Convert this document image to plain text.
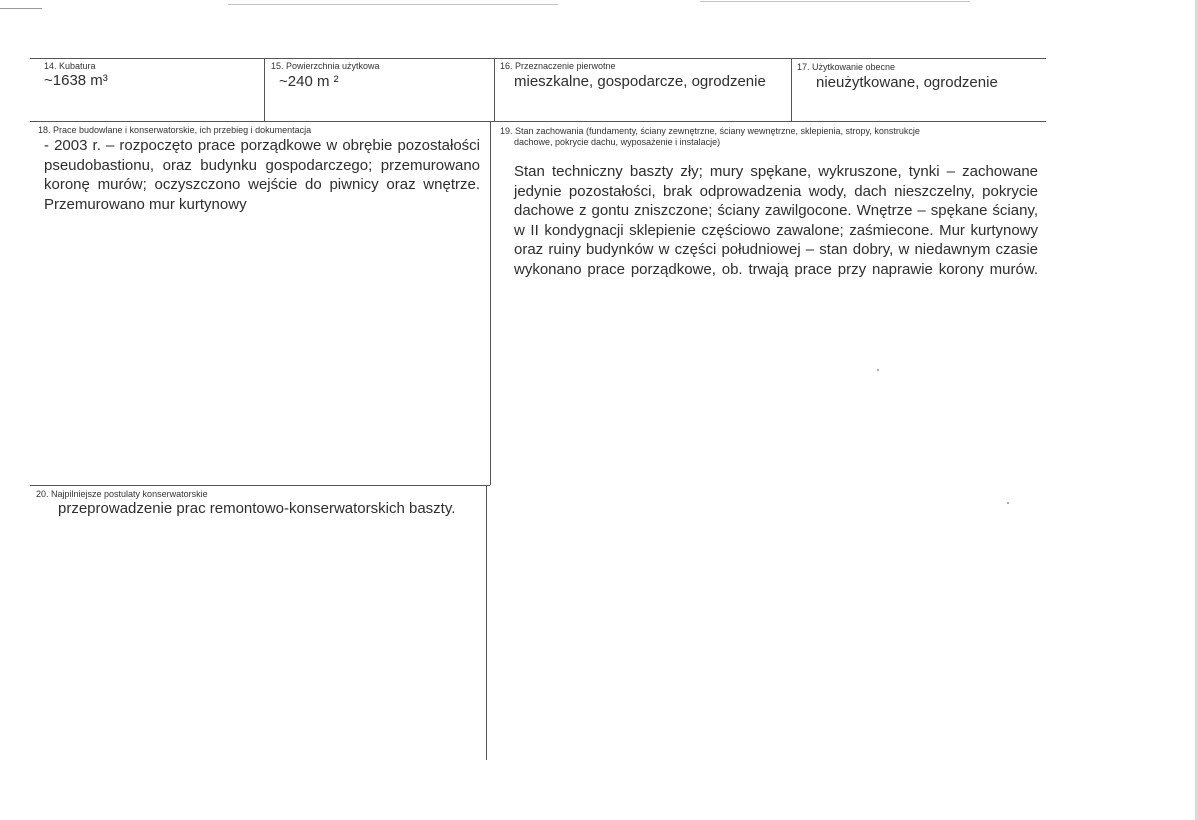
14. Kubatura
~1638 m³
15. Powierzchnia użytkowa
~240 m ²
16. Przeznaczenie pierwotne
mieszkalne, gospodarcze, ogrodzenie
17. Użytkowanie obecne
nieużytkowane, ogrodzenie
18. Prace budowlane i konserwatorskie, ich przebieg i dokumentacja
- 2003 r. – rozpoczęto prace porządkowe w obrębie pozostałości
pseudobastionu, oraz budynku gospodarczego; przemurowano
koronę murów; oczyszczono wejście do piwnicy oraz wnętrze.
Przemurowano mur kurtynowy
19. Stan zachowania (fundamenty, ściany zewnętrzne, ściany wewnętrzne, sklepienia, stropy, konstrukcje
dachowe, pokrycie dachu, wyposażenie i instalacje)
Stan techniczny baszty zły; mury spękane, wykruszone, tynki – zachowane
jedynie pozostałości, brak odprowadzenia wody, dach nieszczelny, pokrycie
dachowe z gontu zniszczone; ściany zawilgocone. Wnętrze – spękane ściany,
w II kondygnacji sklepienie częściowo zawalone; zaśmiecone. Mur kurtynowy
oraz ruiny budynków w części południowej – stan dobry, w niedawnym czasie
wykonano prace porządkowe, ob. trwają prace przy naprawie korony murów.
20. Najpilniejsze postulaty konserwatorskie
przeprowadzenie prac remontowo-konserwatorskich baszty.
